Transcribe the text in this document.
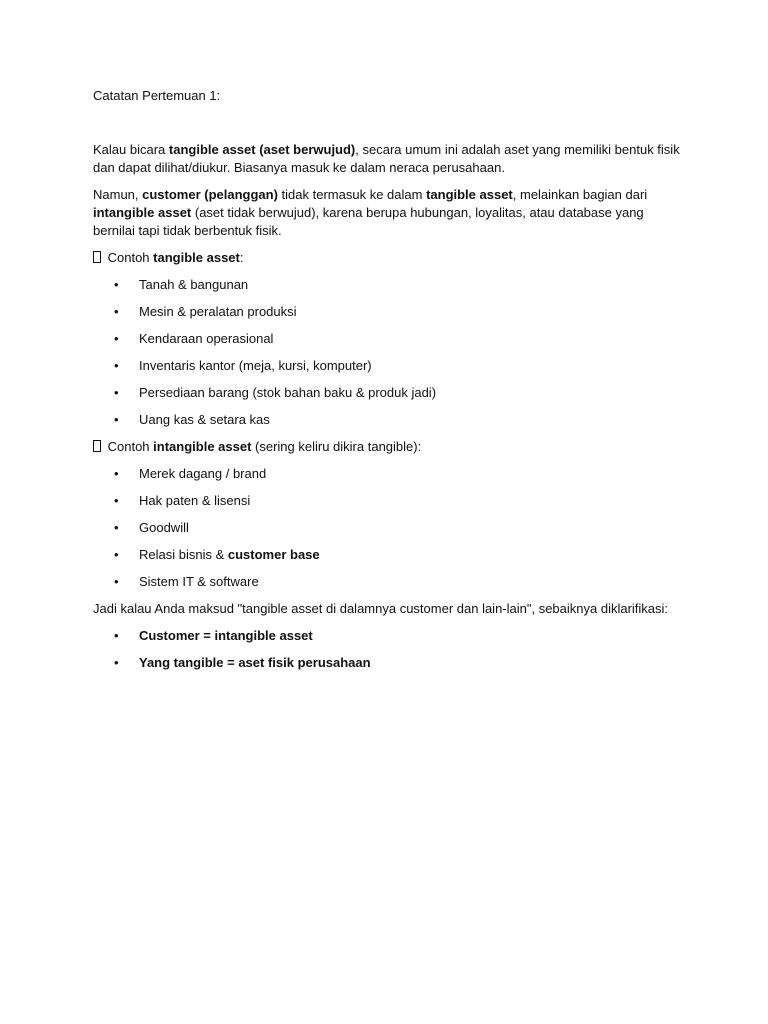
Catatan Pertemuan 1:

Kalau bicara tangible asset (aset berwujud), secara umum ini adalah aset yang memiliki bentuk fisik dan dapat dilihat/diukur. Biasanya masuk ke dalam neraca perusahaan.

Namun, customer (pelanggan) tidak termasuk ke dalam tangible asset, melainkan bagian dari intangible asset (aset tidak berwujud), karena berupa hubungan, loyalitas, atau database yang bernilai tapi tidak berbentuk fisik.

Contoh tangible asset:

• Tanah & bangunan
• Mesin & peralatan produksi
• Kendaraan operasional
• Inventaris kantor (meja, kursi, komputer)
• Persediaan barang (stok bahan baku & produk jadi)
• Uang kas & setara kas

Contoh intangible asset (sering keliru dikira tangible):

• Merek dagang / brand
• Hak paten & lisensi
• Goodwill
• Relasi bisnis & customer base
• Sistem IT & software

Jadi kalau Anda maksud "tangible asset di dalamnya customer dan lain-lain", sebaiknya diklarifikasi:

• Customer = intangible asset
• Yang tangible = aset fisik perusahaan
